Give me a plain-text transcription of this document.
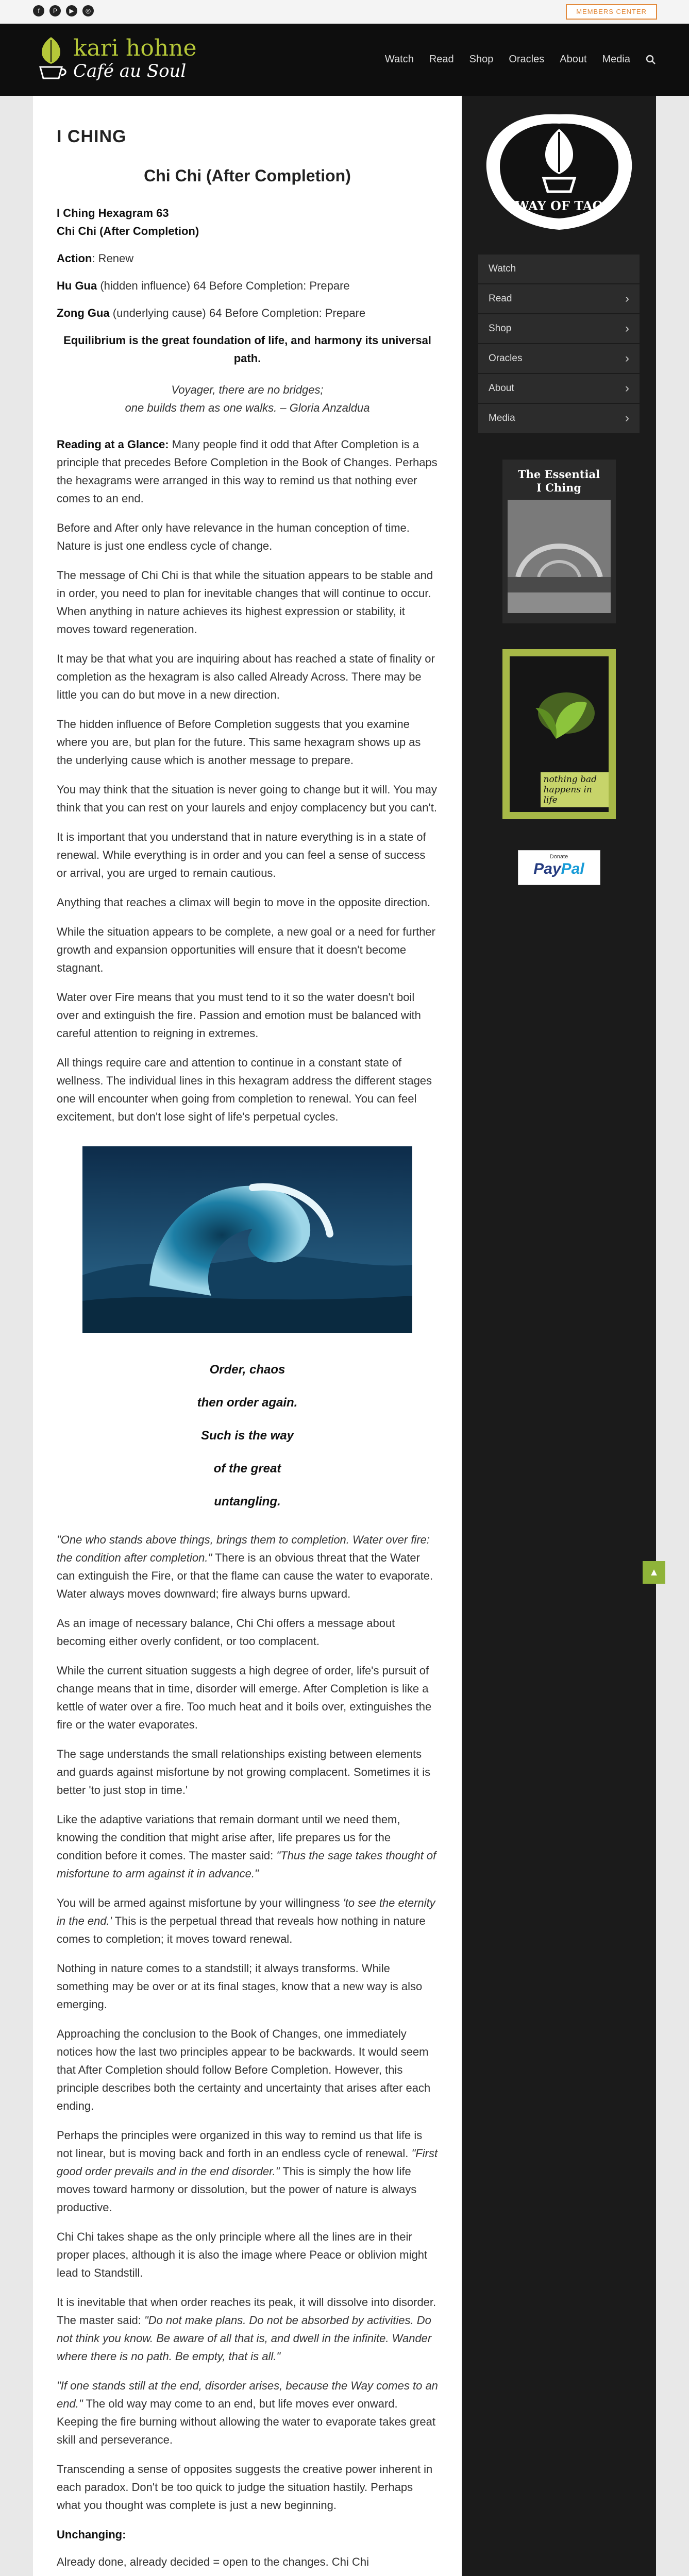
f	P	▶	◎	MEMBERS CENTER
kari hohne
Café au Soul
Watch Read Shop Oracles About Media
I CHING
Chi Chi (After Completion)

I Ching Hexagram 63
Chi Chi (After Completion)

Action: Renew

Hu Gua (hidden influence) 64 Before Completion: Prepare

Zong Gua (underlying cause) 64 Before Completion: Prepare

Equilibrium is the great foundation of life, and harmony its universal path.

Voyager, there are no bridges;
one builds them as one walks. – Gloria Anzaldua

Reading at a Glance: Many people find it odd that After Completion is a principle that precedes Before Completion in the Book of Changes. Perhaps the hexagrams were arranged in this way to remind us that nothing ever comes to an end.

Before and After only have relevance in the human conception of time. Nature is just one endless cycle of change.

The message of Chi Chi is that while the situation appears to be stable and in order, you need to plan for inevitable changes that will continue to occur. When anything in nature achieves its highest expression or stability, it moves toward regeneration.

It may be that what you are inquiring about has reached a state of finality or completion as the hexagram is also called Already Across. There may be little you can do but move in a new direction.

The hidden influence of Before Completion suggests that you examine where you are, but plan for the future. This same hexagram shows up as the underlying cause which is another message to prepare.

You may think that the situation is never going to change but it will. You may think that you can rest on your laurels and enjoy complacency but you can't.

It is important that you understand that in nature everything is in a state of renewal. While everything is in order and you can feel a sense of success or arrival, you are urged to remain cautious.

Anything that reaches a climax will begin to move in the opposite direction.

While the situation appears to be complete, a new goal or a need for further growth and expansion opportunities will ensure that it doesn't become stagnant.

Water over Fire means that you must tend to it so the water doesn't boil over and extinguish the fire. Passion and emotion must be balanced with careful attention to reigning in extremes.

All things require care and attention to continue in a constant state of wellness. The individual lines in this hexagram address the different stages one will encounter when going from completion to renewal. You can feel excitement, but don't lose sight of life's perpetual cycles.

Order, chaos
then order again.
Such is the way
of the great
untangling.

"One who stands above things, brings them to completion. Water over fire: the condition after completion." There is an obvious threat that the Water can extinguish the Fire, or that the flame can cause the water to evaporate. Water always moves downward; fire always burns upward.

As an image of necessary balance, Chi Chi offers a message about becoming either overly confident, or too complacent.

While the current situation suggests a high degree of order, life's pursuit of change means that in time, disorder will emerge. After Completion is like a kettle of water over a fire. Too much heat and it boils over, extinguishes the fire or the water evaporates.

The sage understands the small relationships existing between elements and guards against misfortune by not growing complacent. Sometimes it is better 'to just stop in time.'

Like the adaptive variations that remain dormant until we need them, knowing the condition that might arise after, life prepares us for the condition before it comes. The master said: "Thus the sage takes thought of misfortune to arm against it in advance."

You will be armed against misfortune by your willingness 'to see the eternity in the end.' This is the perpetual thread that reveals how nothing in nature comes to completion; it moves toward renewal.

Nothing in nature comes to a standstill; it always transforms. While something may be over or at its final stages, know that a new way is also emerging.

Approaching the conclusion to the Book of Changes, one immediately notices how the last two principles appear to be backwards. It would seem that After Completion should follow Before Completion. However, this principle describes both the certainty and uncertainty that arises after each ending.

Perhaps the principles were organized in this way to remind us that life is not linear, but is moving back and forth in an endless cycle of renewal. "First good order prevails and in the end disorder." This is simply the how life moves toward harmony or dissolution, but the power of nature is always productive.

Chi Chi takes shape as the only principle where all the lines are in their proper places, although it is also the image where Peace or oblivion might lead to Standstill.

It is inevitable that when order reaches its peak, it will dissolve into disorder. The master said: "Do not make plans. Do not be absorbed by activities. Do not think you know. Be aware of all that is, and dwell in the infinite. Wander where there is no path. Be empty, that is all."

"If one stands still at the end, disorder arises, because the Way comes to an end." The old way may come to an end, but life moves ever onward. Keeping the fire burning without allowing the water to evaporate takes great skill and perseverance.

Transcending a sense of opposites suggests the creative power inherent in each paradox. Don't be too quick to judge the situation hastily. Perhaps what you thought was complete is just a new beginning.

Unchanging:

Already done, already decided = open to the changes. Chi Chi

WAY OF TAO
Watch
Read	›
Shop	›
Oracles	›
About	›
Media	›
The Essential
I Ching
nothing bad
happens in life
Donate
PayPal
▲
